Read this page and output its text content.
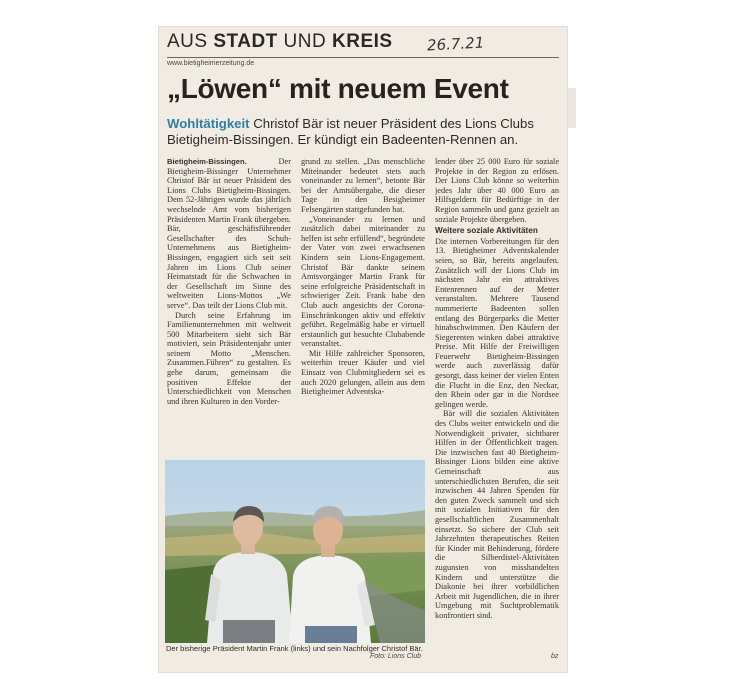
AUS STADT UND KREIS	26.7.21
www.bietigheimerzeitung.de
„Löwen“ mit neuem Event
Wohltätigkeit Christof Bär ist neuer Präsident des Lions Clubs Bietigheim-Bissingen. Er kündigt ein Badeenten-Rennen an.

Bietigheim-Bissingen. Der Bietigheim-Bissinger Unternehmer Christof Bär ist neuer Präsident des Lions Clubs Bietigheim-Bissingen. Dem 52-Jährigen wurde das jährlich wechselnde Amt vom bisherigen Präsidenten Martin Frank übergeben. Bär, geschäftsführender Gesellschafter des Schuh-Unternehmens aus Bietigheim-Bissingen, engagiert sich seit seit Jahren im Lions Club seiner Heimatstadt für die Schwachen in der Gesellschaft im Sinne des weltweiten Lions-Mottos „We serve“. Das teilt der Lions Club mit.

Durch seine Erfahrung im Familienunternehmen mit weltweit 500 Mitarbeitern sieht sich Bär motiviert, sein Präsidentenjahr unter seinem Motto „Menschen. Zusammen.Führen“ zu gestalten. Es gehe darum, gemeinsam die positiven Effekte der Unterschiedlichkeit von Menschen und ihren Kulturen in den Vorder-

grund zu stellen. „Das menschliche Miteinander bedeutet stets auch voneinander zu lernen“, betonte Bär bei der Amtsübergabe, die dieser Tage in den Besigheimer Felsengärten stattgefunden hat.

„Voneinander zu lernen und zusätzlich dabei miteinander zu helfen ist sehr erfüllend“, begründete der Vater von zwei erwachsenen Kindern sein Lions-Engagement. Christof Bär dankte seinem Amtsvorgänger Martin Frank für seine erfolgreiche Präsidentschaft in schwieriger Zeit. Frank habe den Club auch angesichts der Corona-Einschränkungen aktiv und effektiv geführt. Regelmäßig habe er virtuell erstaunlich gut besuchte Clubabende veranstaltet.

Mit Hilfe zahlreicher Sponsoren, weiterhin treuer Käufer und viel Einsatz von Clubmitgliedern sei es auch 2020 gelungen, allein aus dem Bietigheimer Adventska-

lender über 25 000 Euro für soziale Projekte in der Region zu erlösen. Der Lions Club könne so weiterhin jedes Jahr über 40 000 Euro an Hilfsgeldern für Bedürftige in der Region sammeln und ganz gezielt an soziale Projekte übergeben.

Weitere soziale Aktivitäten

Die internen Vorbereitungen für den 13. Bietigheimer Adventskalender seien, so Bär, bereits angelaufen. Zusätzlich will der Lions Club im nächsten Jahr ein attraktives Entenrennen auf der Metter veranstalten. Mehrere Tausend nummerierte Badeenten sollen entlang des Bürgerparks die Metter hinabschwimmen. Den Käufern der Siegerenten winken dabei attraktive Preise. Mit Hilfe der Freiwilligen Feuerwehr Bietigheim-Bissingen werde auch zuverlässig dafür gesorgt, dass keiner der vielen Enten die Flucht in die Enz, den Neckar, den Rhein oder gar in die Nordsee gelingen werde.

Bär will die sozialen Aktivitäten des Clubs weiter entwickeln und die Notwendigkeit privater, sichtbarer Hilfen in der Öffentlichkeit tragen. Die inzwischen fast 40 Bietigheim-Bissinger Lions bilden eine aktive Gemeinschaft aus unterschiedlichsten Berufen, die seit inzwischen 44 Jahren Spenden für den guten Zweck sammelt und sich mit sozialen Initiativen für den gesellschaftlichen Zusammenhalt einsetzt. So sichere der Club seit Jahrzehnten therapeutisches Reiten für Kinder mit Behinderung, fördere die Silberdistel-Aktivitäten zugunsten von misshandelten Kindern und unterstütze die Diakonie bei ihrer vorbildlichen Arbeit mit Jugendlichen, die in ihrer Umgebung mit Suchtproblematik konfrontiert sind.

Der bisherige Präsident Martin Frank (links) und sein Nachfolger Christof Bär.
Foto: Lions Club	bz
